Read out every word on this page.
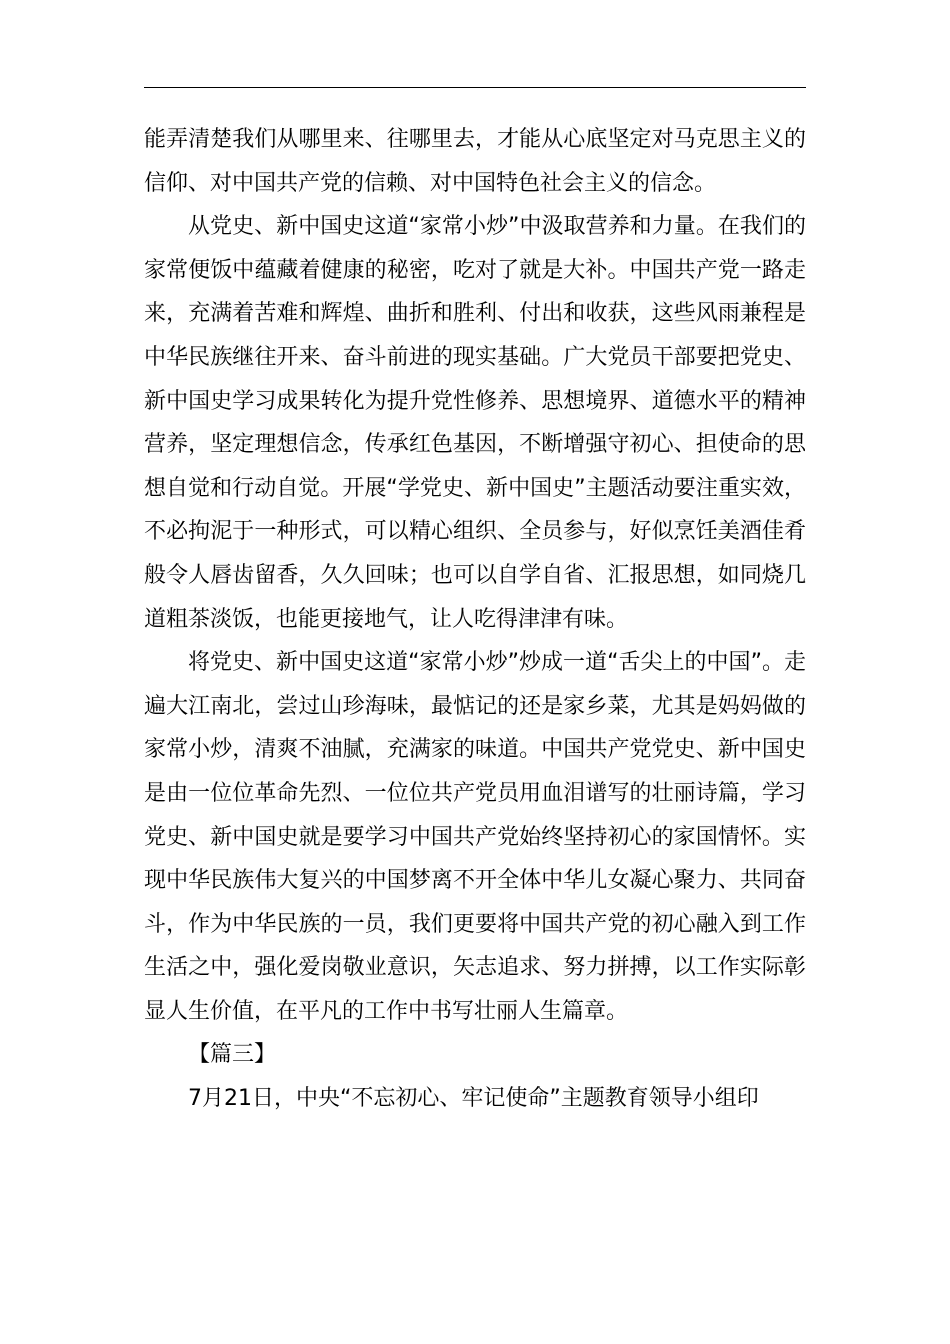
能弄清楚我们从哪里来、往哪里去，才能从心底坚定对马克思主义的信仰、对中国共产党的信赖、对中国特色社会主义的信念。

从党史、新中国史这道“家常小炒”中汲取营养和力量。在我们的家常便饭中蕴藏着健康的秘密，吃对了就是大补。中国共产党一路走来，充满着苦难和辉煌、曲折和胜利、付出和收获，这些风雨兼程是中华民族继往开来、奋斗前进的现实基础。广大党员干部要把党史、新中国史学习成果转化为提升党性修养、思想境界、道德水平的精神营养，坚定理想信念，传承红色基因，不断增强守初心、担使命的思想自觉和行动自觉。开展“学党史、新中国史”主题活动要注重实效，不必拘泥于一种形式，可以精心组织、全员参与，好似烹饪美酒佳肴般令人唇齿留香，久久回味；也可以自学自省、汇报思想，如同烧几道粗茶淡饭，也能更接地气，让人吃得津津有味。

将党史、新中国史这道“家常小炒”炒成一道“舌尖上的中国”。走遍大江南北，尝过山珍海味，最惦记的还是家乡菜，尤其是妈妈做的家常小炒，清爽不油腻，充满家的味道。中国共产党党史、新中国史是由一位位革命先烈、一位位共产党员用血泪谱写的壮丽诗篇，学习党史、新中国史就是要学习中国共产党始终坚持初心的家国情怀。实现中华民族伟大复兴的中国梦离不开全体中华儿女凝心聚力、共同奋斗，作为中华民族的一员，我们更要将中国共产党的初心融入到工作生活之中，强化爱岗敬业意识，矢志追求、努力拼搏，以工作实际彰显人生价值，在平凡的工作中书写壮丽人生篇章。

【篇三】

7月21日，中央“不忘初心、牢记使命”主题教育领导小组印
